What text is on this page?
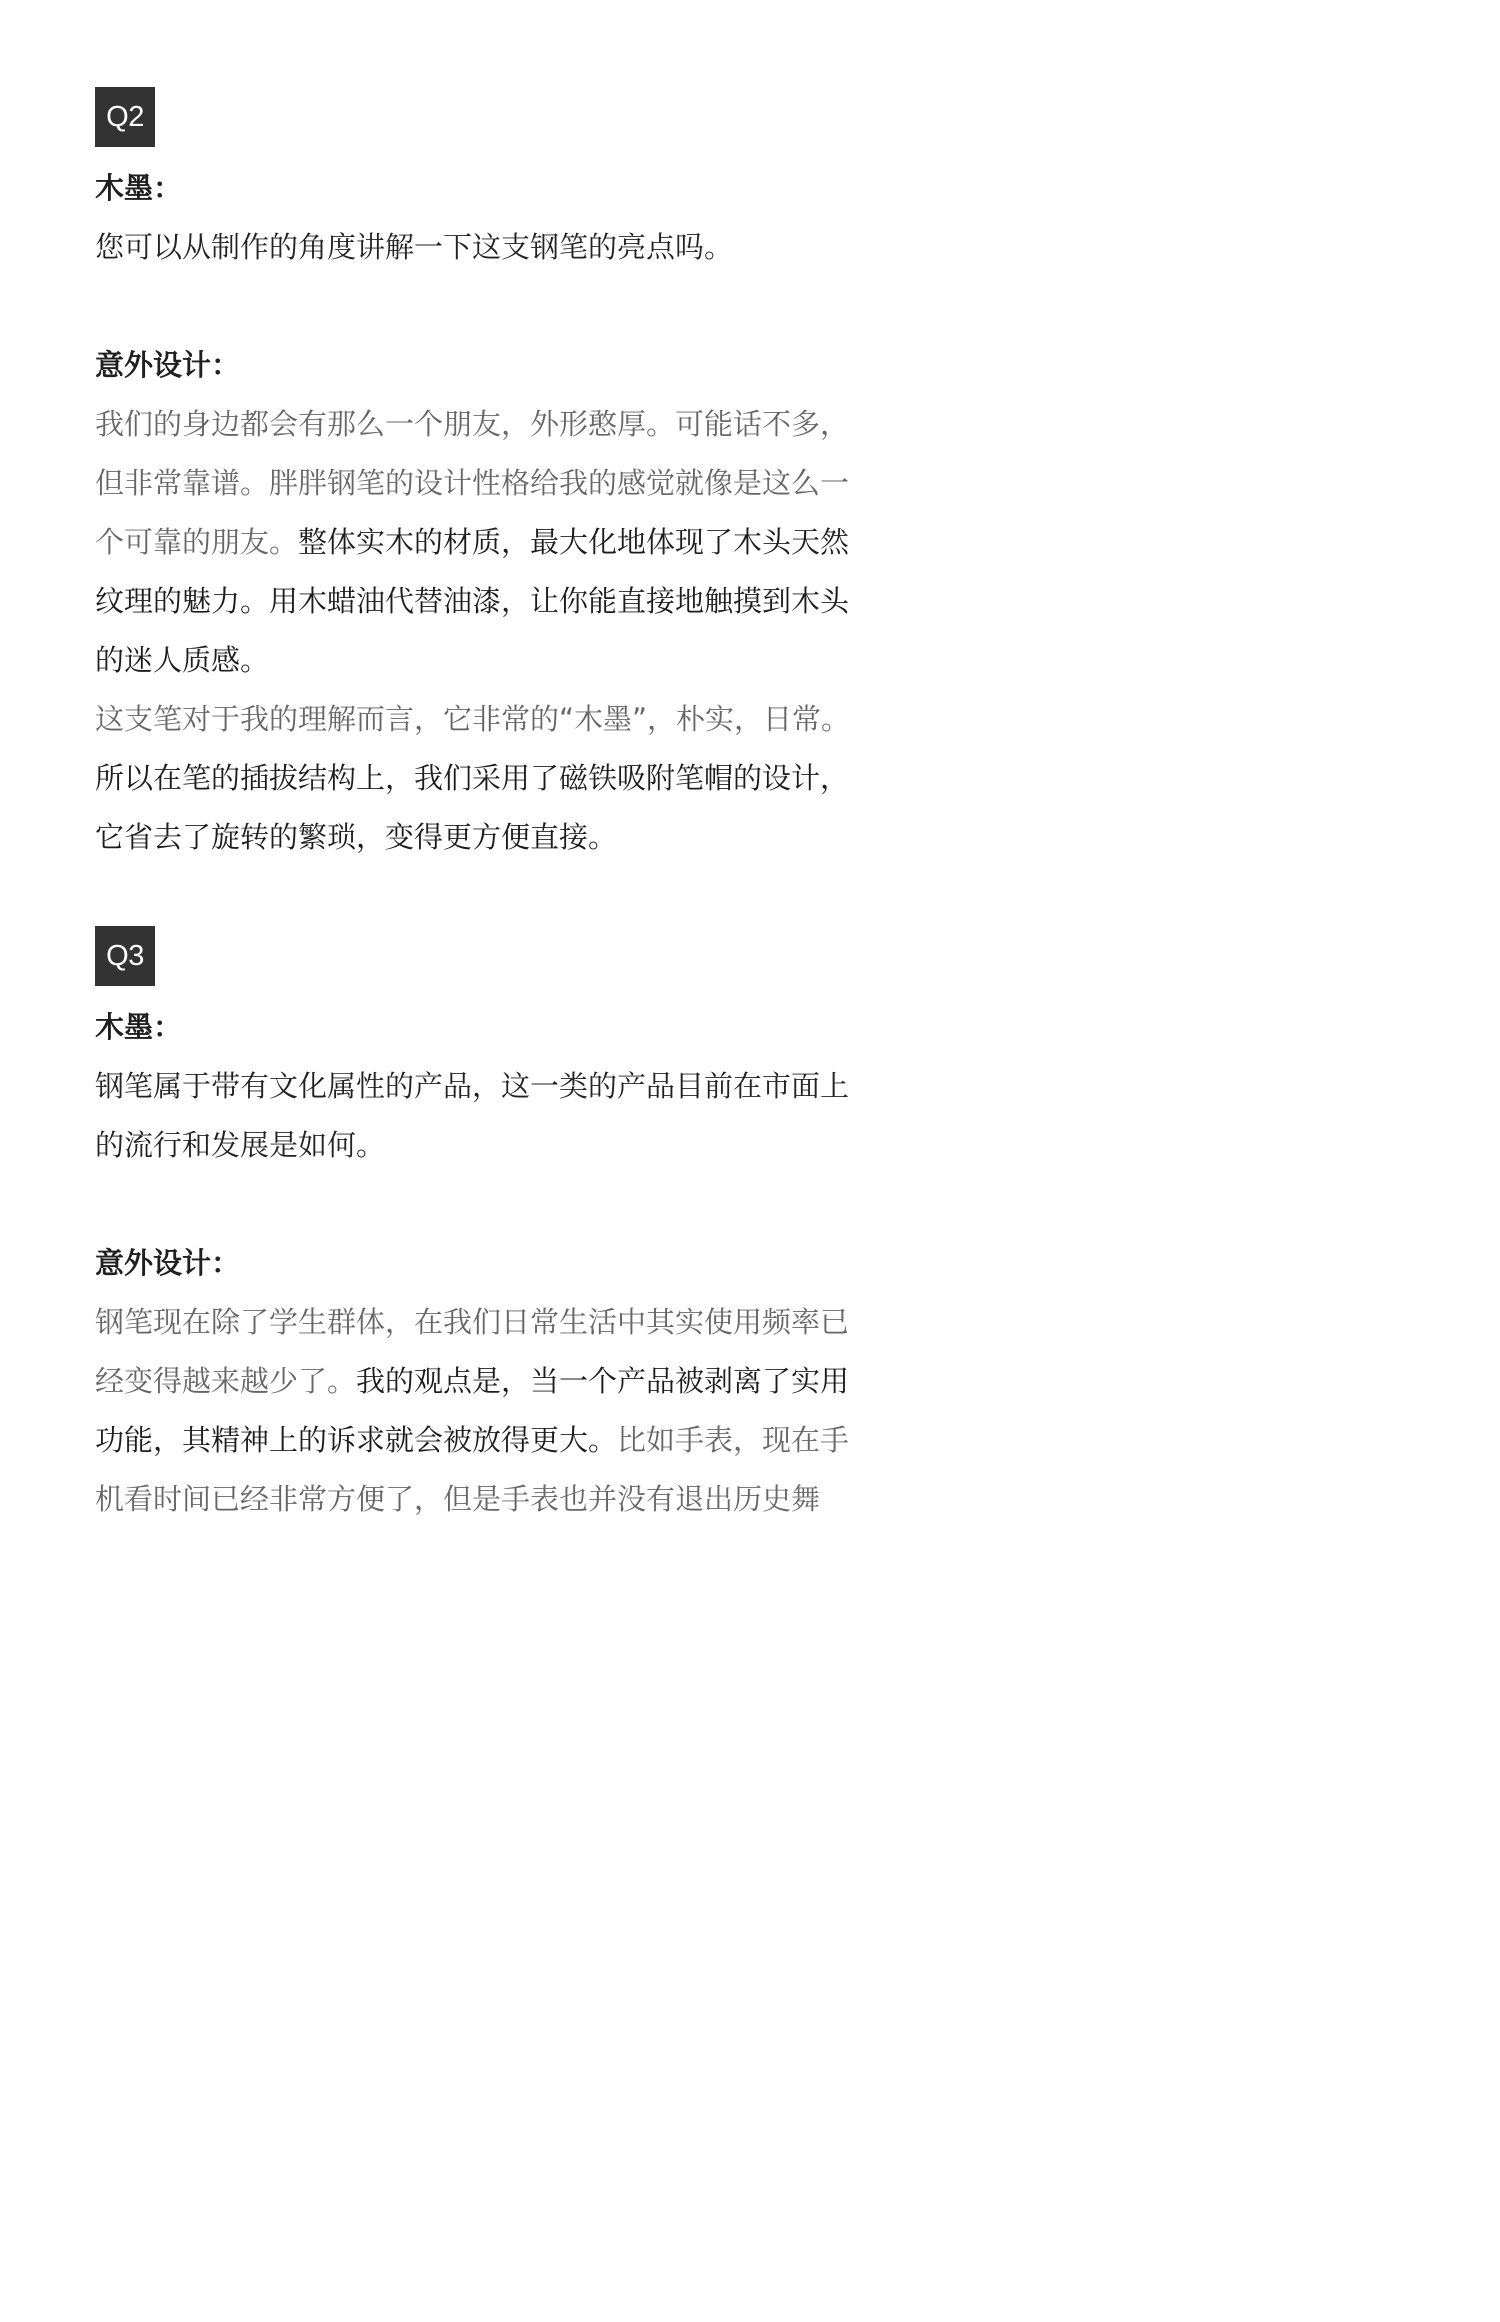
Q2

木墨：

您可以从制作的角度讲解一下这支钢笔的亮点吗。

意外设计：

我们的身边都会有那么一个朋友，外形憨厚。可能话不多，

但非常靠谱。胖胖钢笔的设计性格给我的感觉就像是这么一

个可靠的朋友。整体实木的材质，最大化地体现了木头天然

纹理的魅力。用木蜡油代替油漆，让你能直接地触摸到木头

的迷人质感。

这支笔对于我的理解而言，它非常的“木墨”，朴实，日常。

所以在笔的插拔结构上，我们采用了磁铁吸附笔帽的设计，

它省去了旋转的繁琐，变得更方便直接。

Q3

木墨：

钢笔属于带有文化属性的产品，这一类的产品目前在市面上

的流行和发展是如何。

意外设计：

钢笔现在除了学生群体，在我们日常生活中其实使用频率已

经变得越来越少了。我的观点是，当一个产品被剥离了实用

功能，其精神上的诉求就会被放得更大。比如手表，现在手

机看时间已经非常方便了，但是手表也并没有退出历史舞
